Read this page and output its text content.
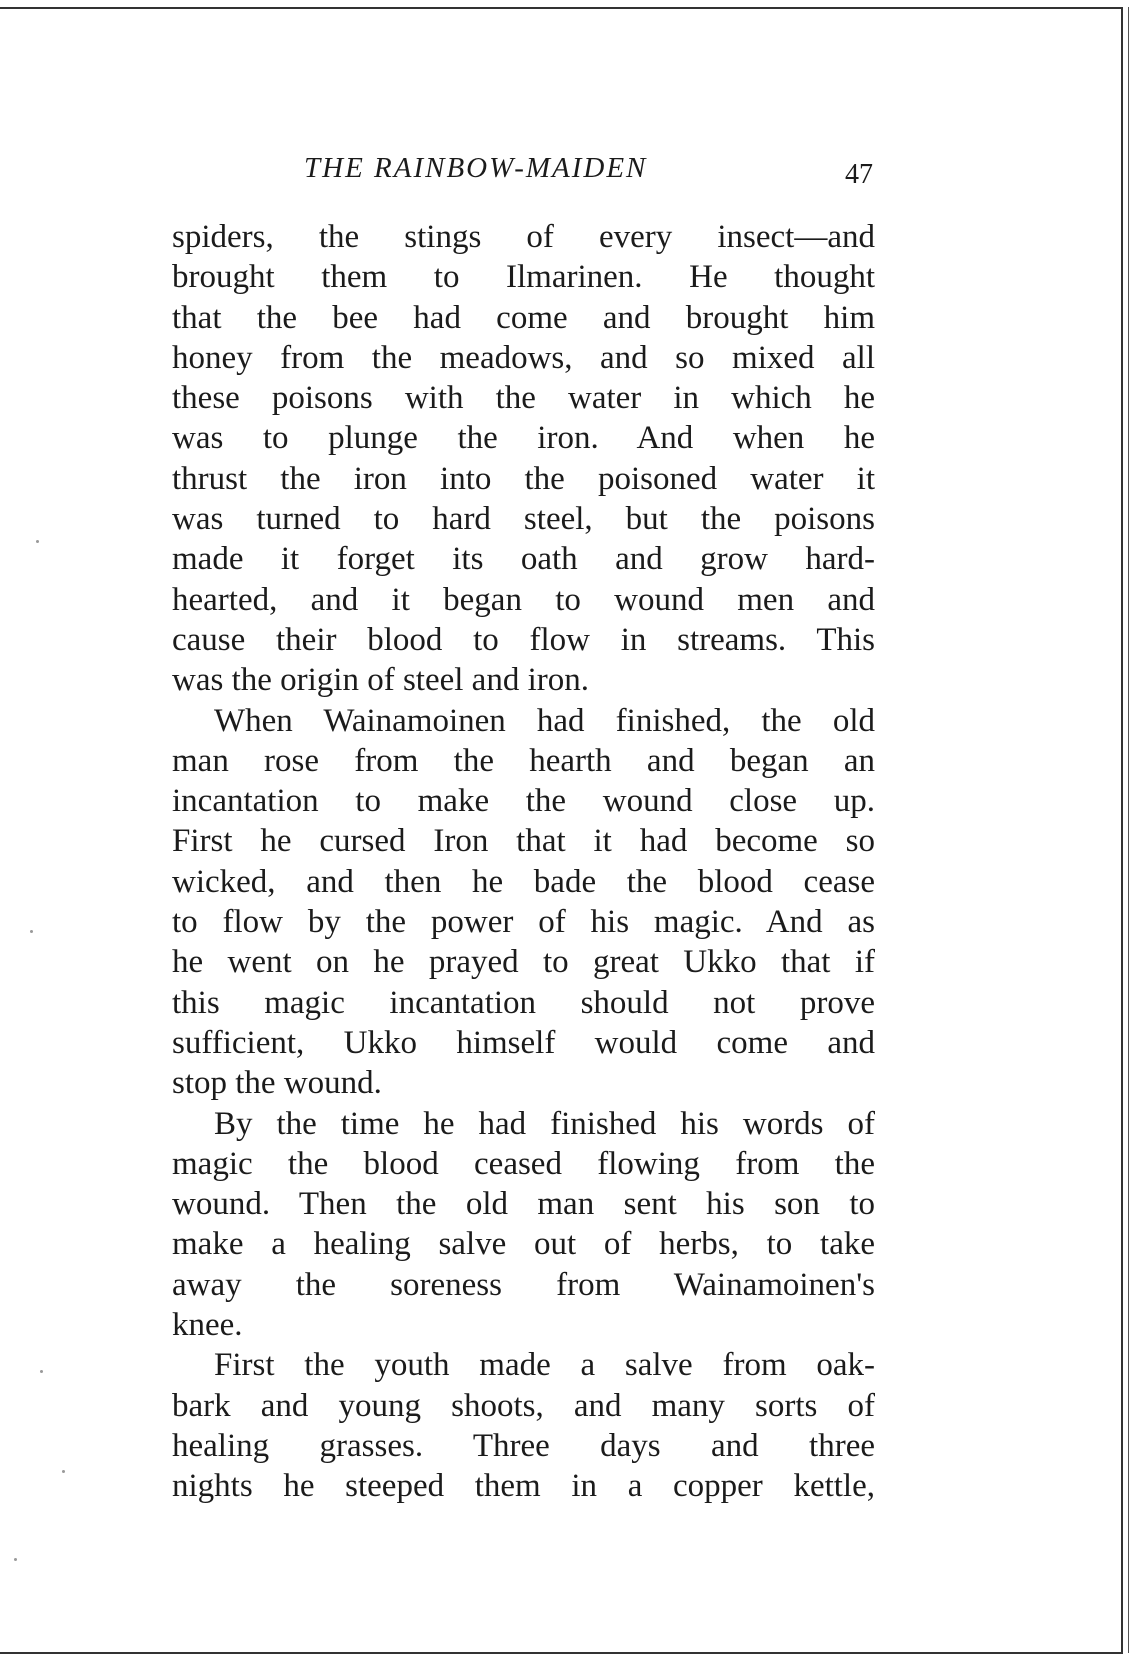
THE RAINBOW-MAIDEN	47
spiders, the stings of every insect—and
brought them to Ilmarinen. He thought
that the bee had come and brought him
honey from the meadows, and so mixed all
these poisons with the water in which he
was to plunge the iron. And when he
thrust the iron into the poisoned water it
was turned to hard steel, but the poisons
made it forget its oath and grow hard-
hearted, and it began to wound men and
cause their blood to flow in streams. This
was the origin of steel and iron.
When Wainamoinen had finished, the old
man rose from the hearth and began an
incantation to make the wound close up.
First he cursed Iron that it had become so
wicked, and then he bade the blood cease
to flow by the power of his magic. And as
he went on he prayed to great Ukko that if
this magic incantation should not prove
sufficient, Ukko himself would come and
stop the wound.
By the time he had finished his words of
magic the blood ceased flowing from the
wound. Then the old man sent his son to
make a healing salve out of herbs, to take
away the soreness from Wainamoinen's
knee.
First the youth made a salve from oak-
bark and young shoots, and many sorts of
healing grasses. Three days and three
nights he steeped them in a copper kettle,
